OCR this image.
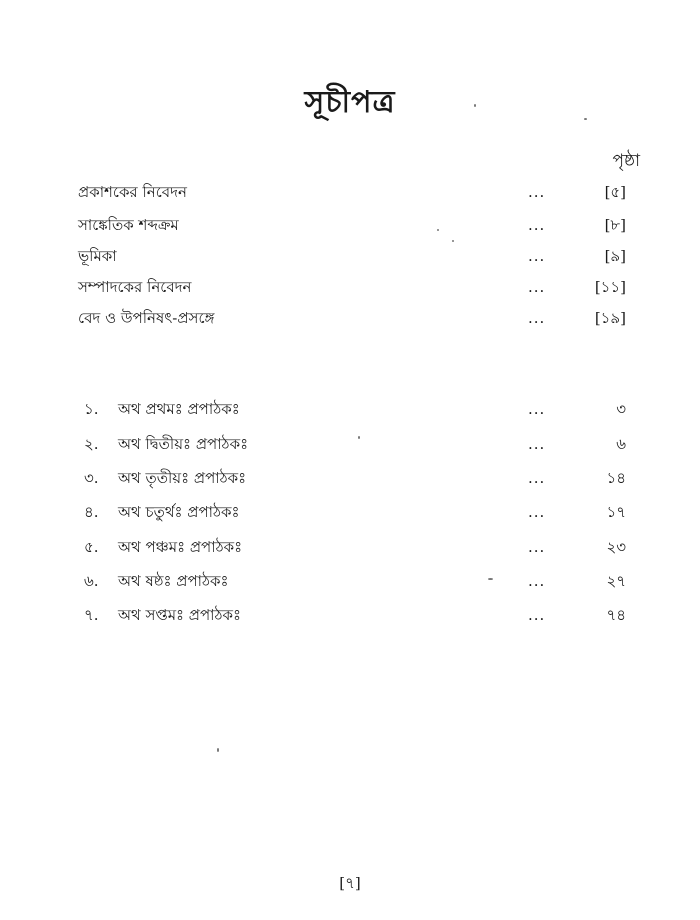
সূচীপত্র
পৃষ্ঠা
প্রকাশকের নিবেদন	...	[৫]
সাঙ্কেতিক শব্দক্রম	...	[৮]
ভূমিকা	...	[৯]
সম্পাদকের নিবেদন	...	[১১]
বেদ ও উপনিষৎ-প্রসঙ্গে	...	[১৯]
১.	অথ প্রথমঃ প্রপাঠকঃ	...	৩
২.	অথ দ্বিতীয়ঃ প্রপাঠকঃ	...	৬
৩.	অথ তৃতীয়ঃ প্রপাঠকঃ	...	১৪
৪.	অথ চতুর্থঃ প্রপাঠকঃ	...	১৭
৫.	অথ পঞ্চমঃ প্রপাঠকঃ	...	২৩
৬.	অথ ষষ্ঠঃ প্রপাঠকঃ	...	২৭
৭.	অথ সপ্তমঃ প্রপাঠকঃ	...	৭৪
[৭]
